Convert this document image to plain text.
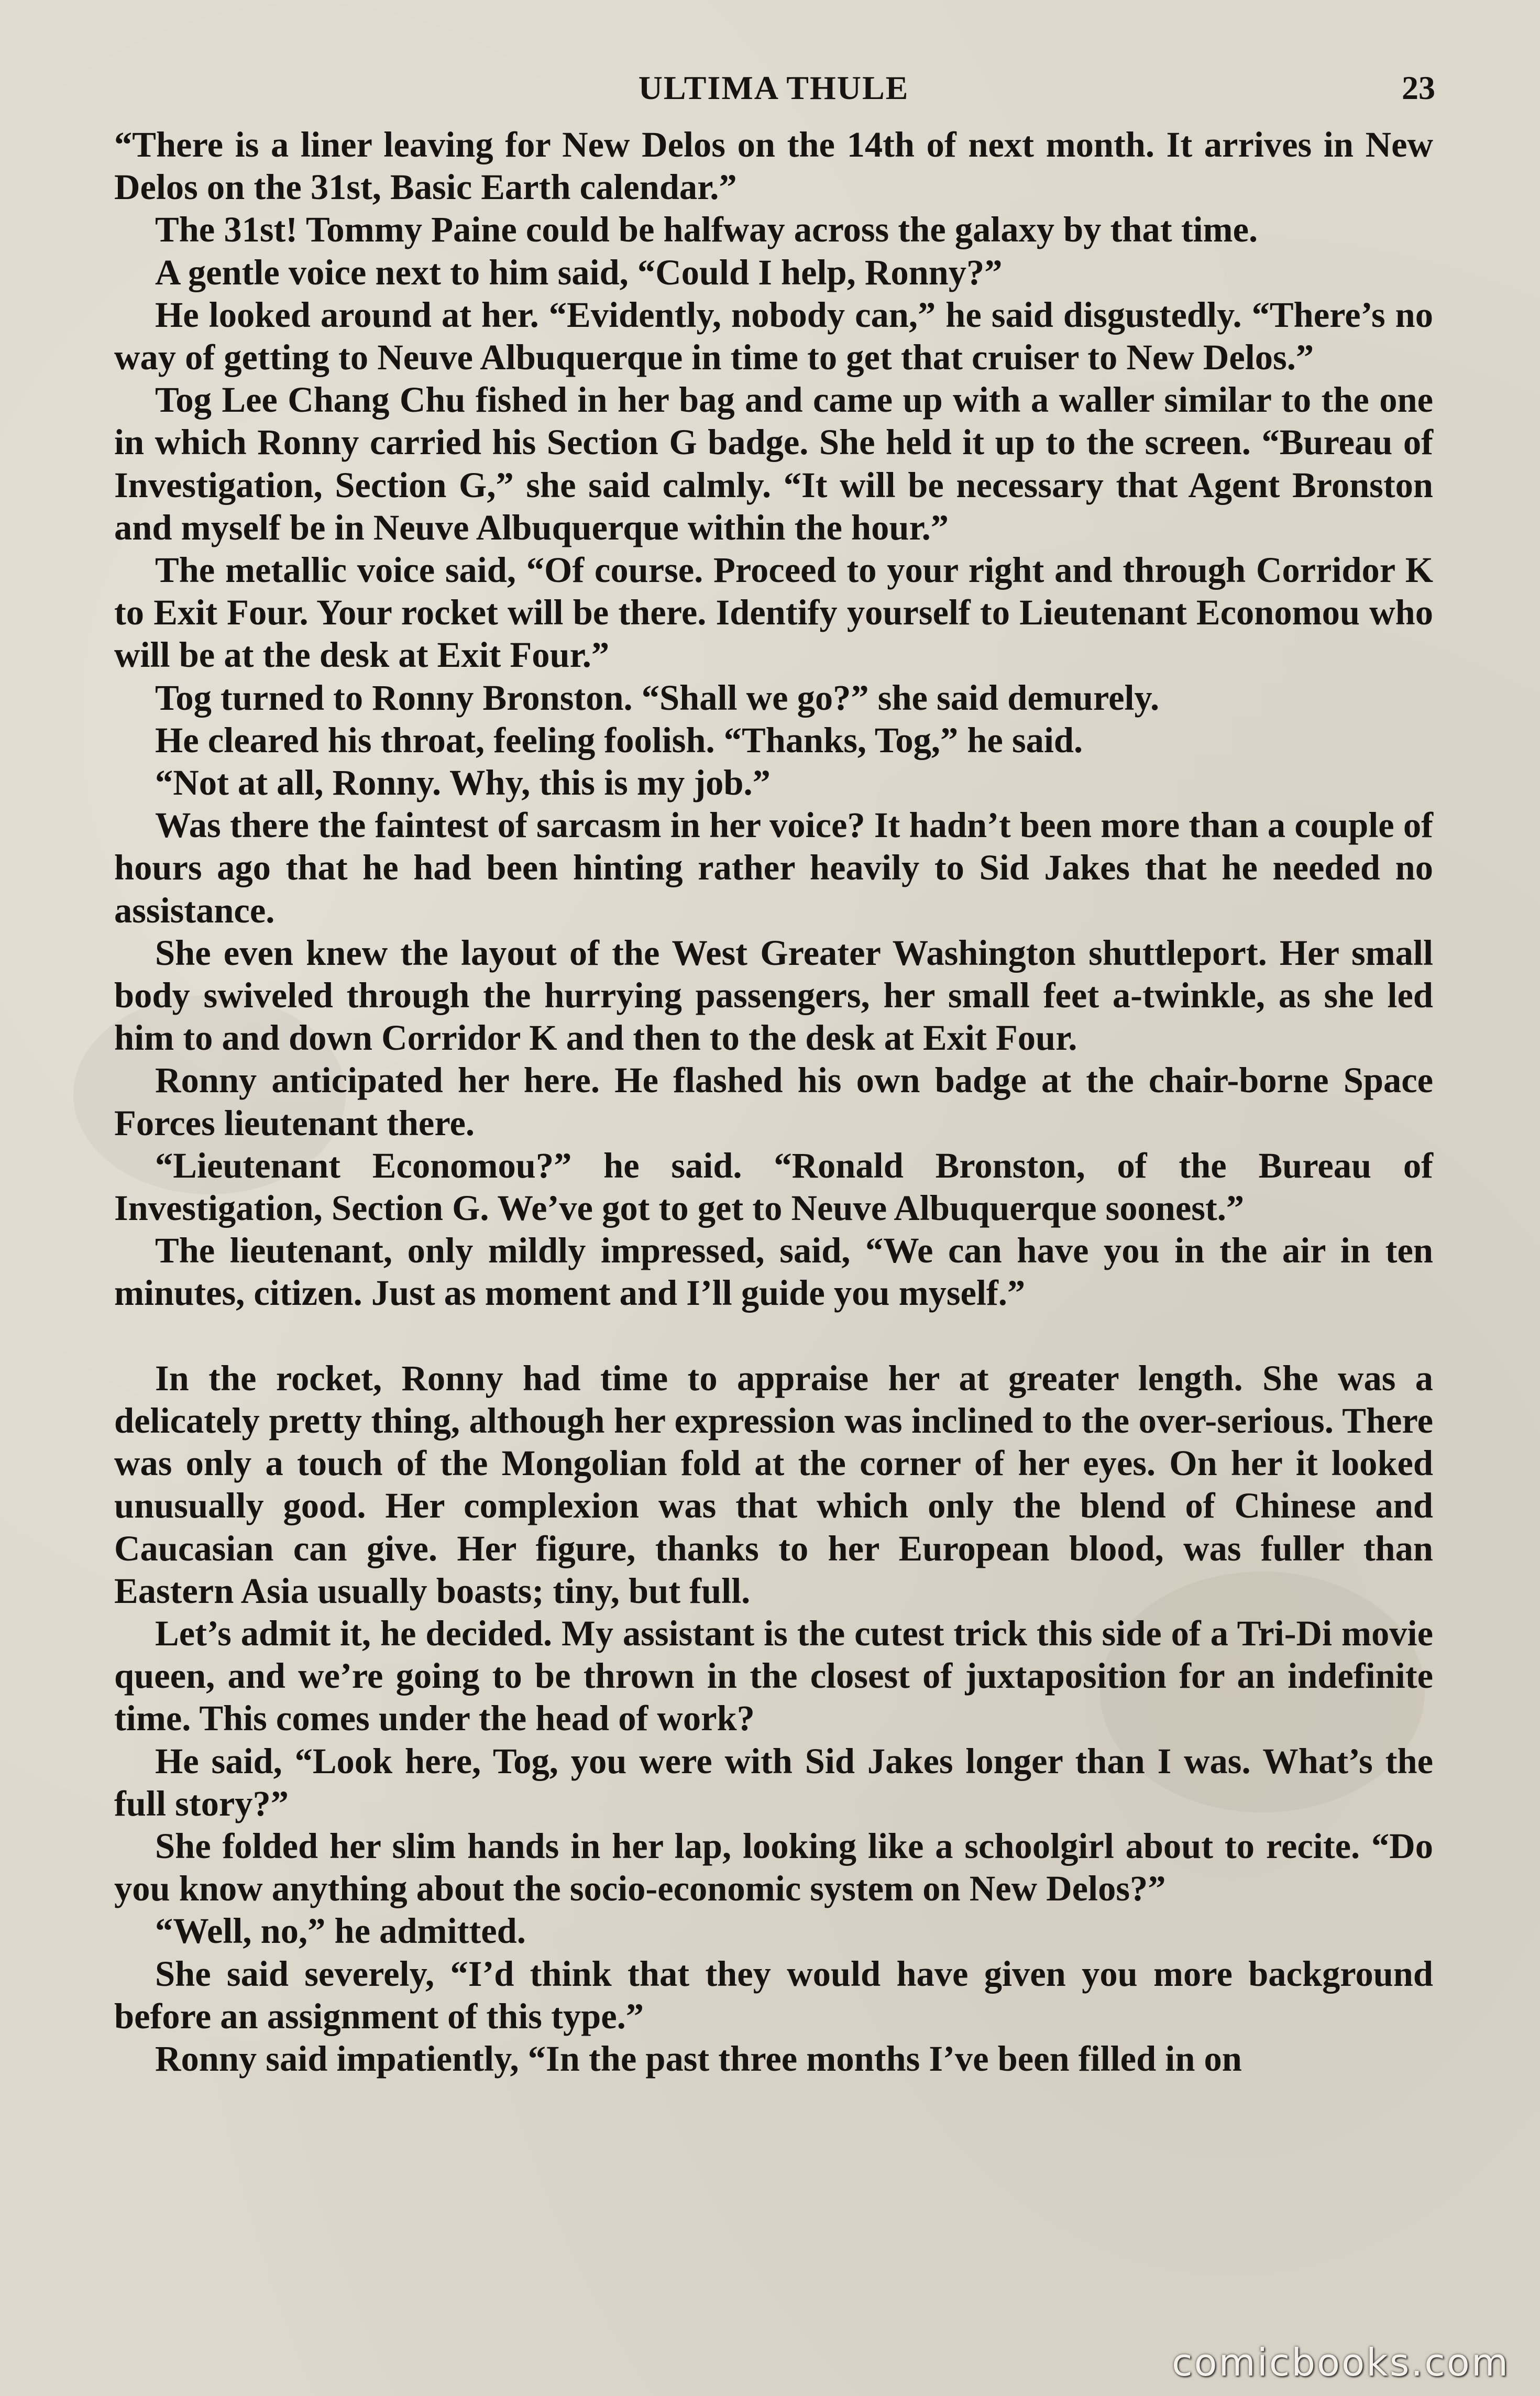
ULTIMA THULE	23

“There is a liner leaving for New Delos on the 14th of next month. It arrives in New Delos on the 31st, Basic Earth calendar.”

The 31st! Tommy Paine could be halfway across the galaxy by that time.

A gentle voice next to him said, “Could I help, Ronny?”

He looked around at her. “Evidently, nobody can,” he said disgustedly. “There’s no way of getting to Neuve Albuquerque in time to get that cruiser to New Delos.”

Tog Lee Chang Chu fished in her bag and came up with a waller similar to the one in which Ronny carried his Section G badge. She held it up to the screen. “Bureau of Investigation, Section G,” she said calmly. “It will be necessary that Agent Bronston and myself be in Neuve Albuquerque within the hour.”

The metallic voice said, “Of course. Proceed to your right and through Corridor K to Exit Four. Your rocket will be there. Identify yourself to Lieutenant Economou who will be at the desk at Exit Four.”

Tog turned to Ronny Bronston. “Shall we go?” she said demurely.

He cleared his throat, feeling foolish. “Thanks, Tog,” he said.

“Not at all, Ronny. Why, this is my job.”

Was there the faintest of sarcasm in her voice? It hadn’t been more than a couple of hours ago that he had been hinting rather heavily to Sid Jakes that he needed no assistance.

She even knew the layout of the West Greater Washington shuttleport. Her small body swiveled through the hurrying passengers, her small feet a-twinkle, as she led him to and down Corridor K and then to the desk at Exit Four.

Ronny anticipated her here. He flashed his own badge at the chair-borne Space Forces lieutenant there.

“Lieutenant Economou?” he said. “Ronald Bronston, of the Bureau of Investigation, Section G. We’ve got to get to Neuve Albuquerque soonest.”

The lieutenant, only mildly impressed, said, “We can have you in the air in ten minutes, citizen. Just as moment and I’ll guide you myself.”

In the rocket, Ronny had time to appraise her at greater length. She was a delicately pretty thing, although her expression was inclined to the over-serious. There was only a touch of the Mongolian fold at the corner of her eyes. On her it looked unusually good. Her complexion was that which only the blend of Chinese and Caucasian can give. Her figure, thanks to her European blood, was fuller than Eastern Asia usually boasts; tiny, but full.

Let’s admit it, he decided. My assistant is the cutest trick this side of a Tri-Di movie queen, and we’re going to be thrown in the closest of juxtaposition for an indefinite time. This comes under the head of work?

He said, “Look here, Tog, you were with Sid Jakes longer than I was. What’s the full story?”

She folded her slim hands in her lap, looking like a schoolgirl about to recite. “Do you know anything about the socio-economic system on New Delos?”

“Well, no,” he admitted.

She said severely, “I’d think that they would have given you more background before an assignment of this type.”

Ronny said impatiently, “In the past three months I’ve been filled in on

comicbooks.com
